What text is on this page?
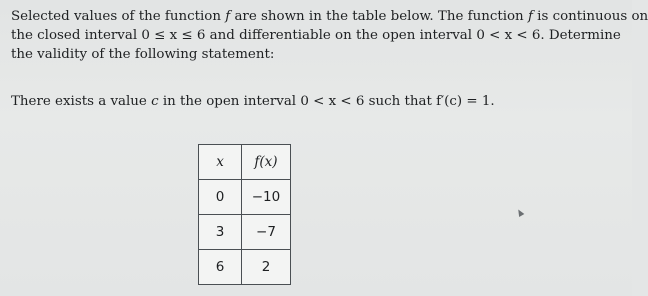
Selected values of the function f are shown in the table below. The function f is continuous on
the closed interval 0 ≤ x ≤ 6 and differentiable on the open interval 0 < x < 6. Determine
the validity of the following statement:

There exists a value c in the open interval 0 < x < 6 such that f′(c) = 1.

x	f(x)
0	−10
3	−7
6	2
